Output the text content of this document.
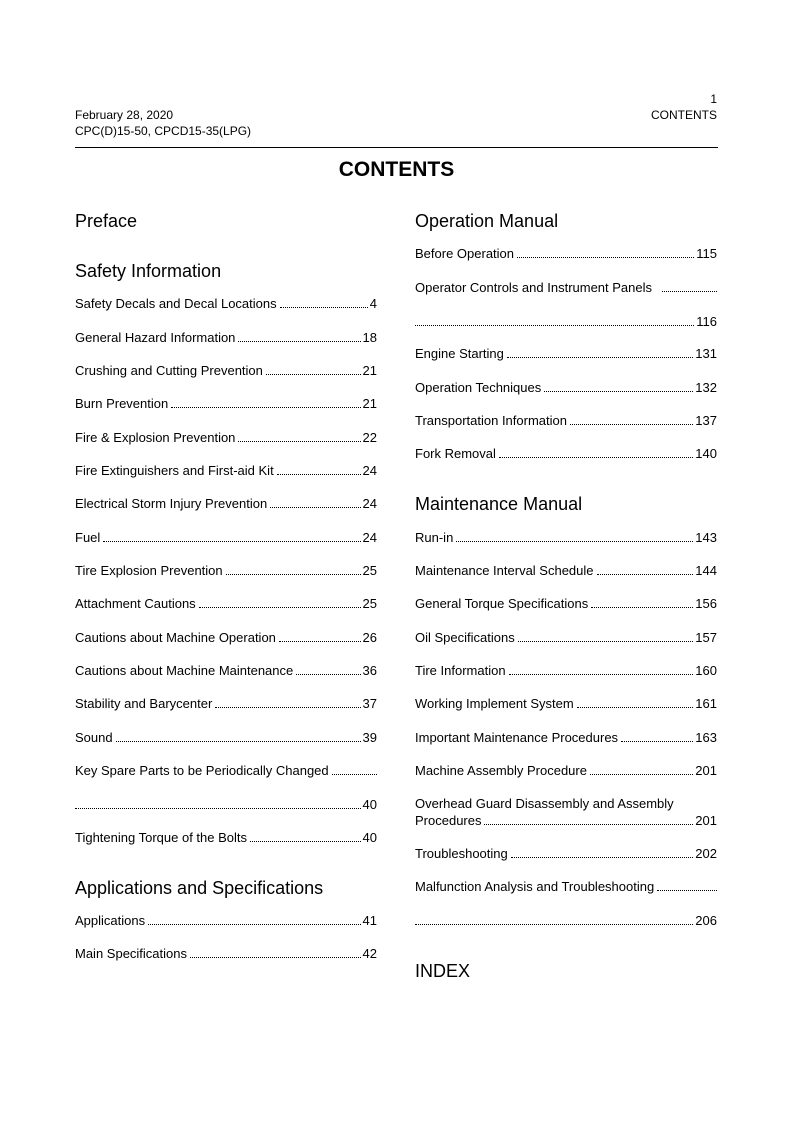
February 28, 2020
CPC(D)15-50, CPCD15-35(LPG)
1
CONTENTS
CONTENTS
Preface
Safety Information
Safety Decals and Decal Locations	4
General Hazard Information	18
Crushing and Cutting Prevention	21
Burn Prevention	21
Fire & Explosion Prevention	22
Fire Extinguishers and First-aid Kit	24
Electrical Storm Injury Prevention	24
Fuel	24
Tire Explosion Prevention	25
Attachment Cautions	25
Cautions about Machine Operation	26
Cautions about Machine Maintenance	36
Stability and Barycenter	37
Sound	39
Key Spare Parts to be Periodically Changed
40
Tightening Torque of the Bolts	40
Applications and Specifications
Applications	41
Main Specifications	42
Operation Manual
Before Operation	115
Operator Controls and Instrument Panels
116
Engine Starting	131
Operation Techniques	132
Transportation Information	137
Fork Removal	140
Maintenance Manual
Run-in	143
Maintenance Interval Schedule	144
General Torque Specifications	156
Oil Specifications	157
Tire Information	160
Working Implement System	161
Important Maintenance Procedures	163
Machine Assembly Procedure	201
Overhead Guard Disassembly and Assembly
Procedures	201
Troubleshooting	202
Malfunction Analysis and Troubleshooting
206
INDEX
